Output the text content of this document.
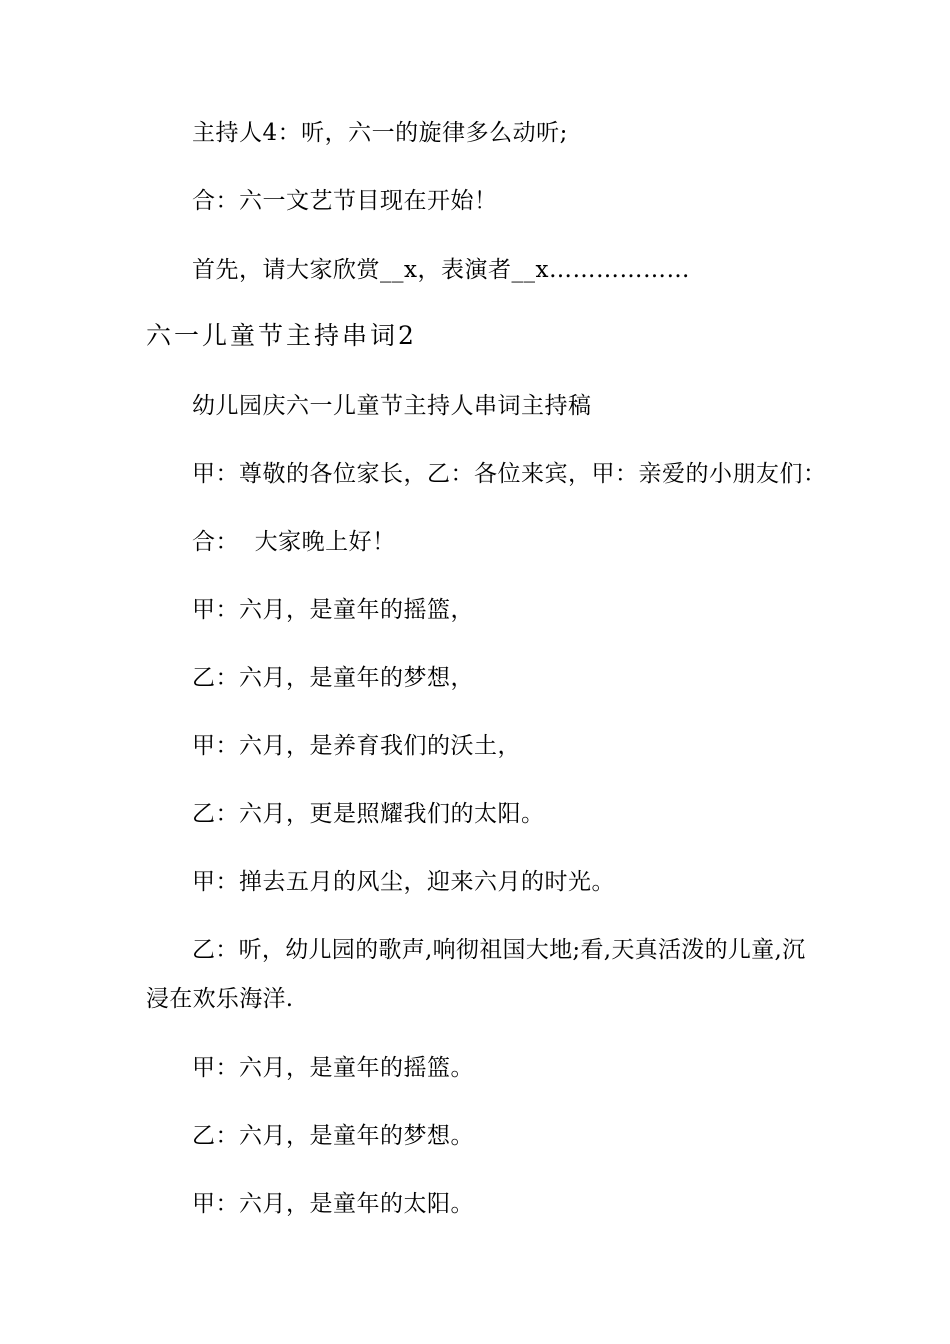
主持人4：听，六一的旋律多么动听;
合：六一文艺节目现在开始！
首先，请大家欣赏__x，表演者__x………………
六一儿童节主持串词2
幼儿园庆六一儿童节主持人串词主持稿
甲：尊敬的各位家长，乙：各位来宾，甲：亲爱的小朋友们：
合：  大家晚上好！
甲：六月，是童年的摇篮，
乙：六月，是童年的梦想，
甲：六月，是养育我们的沃土，
乙：六月，更是照耀我们的太阳。
甲：掸去五月的风尘，迎来六月的时光。
乙：听，幼儿园的歌声,响彻祖国大地;看,天真活泼的儿童,沉浸在欢乐海洋.
甲：六月，是童年的摇篮。
乙：六月，是童年的梦想。
甲：六月，是童年的太阳。
